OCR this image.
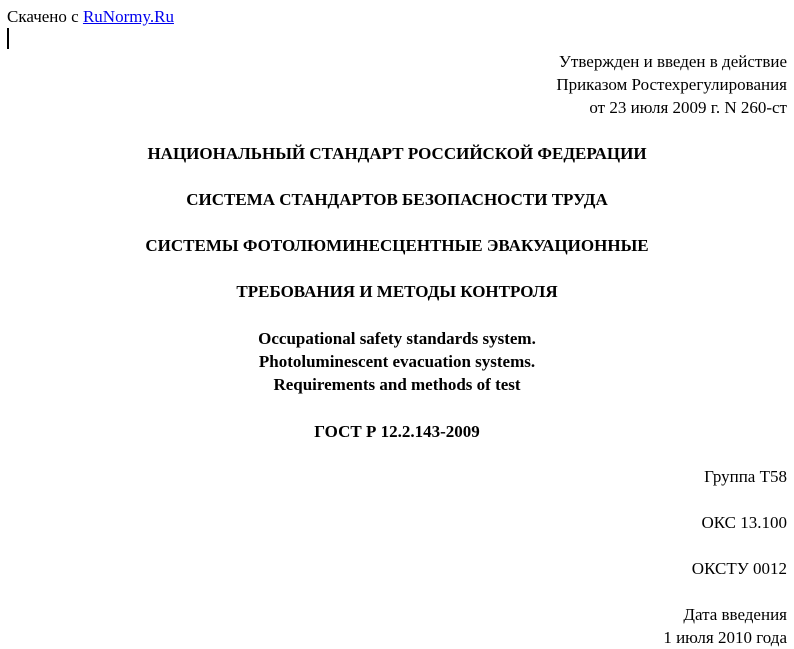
Скачено с RuNormy.Ru
Утвержден и введен в действие
Приказом Ростехрегулирования
от 23 июля 2009 г. N 260-ст
НАЦИОНАЛЬНЫЙ СТАНДАРТ РОССИЙСКОЙ ФЕДЕРАЦИИ
СИСТЕМА СТАНДАРТОВ БЕЗОПАСНОСТИ ТРУДА
СИСТЕМЫ ФОТОЛЮМИНЕСЦЕНТНЫЕ ЭВАКУАЦИОННЫЕ
ТРЕБОВАНИЯ И МЕТОДЫ КОНТРОЛЯ
Occupational safety standards system.
Photoluminescent evacuation systems.
Requirements and methods of test
ГОСТ Р 12.2.143-2009
Группа Т58
ОКС 13.100
ОКСТУ 0012
Дата введения
1 июля 2010 года
